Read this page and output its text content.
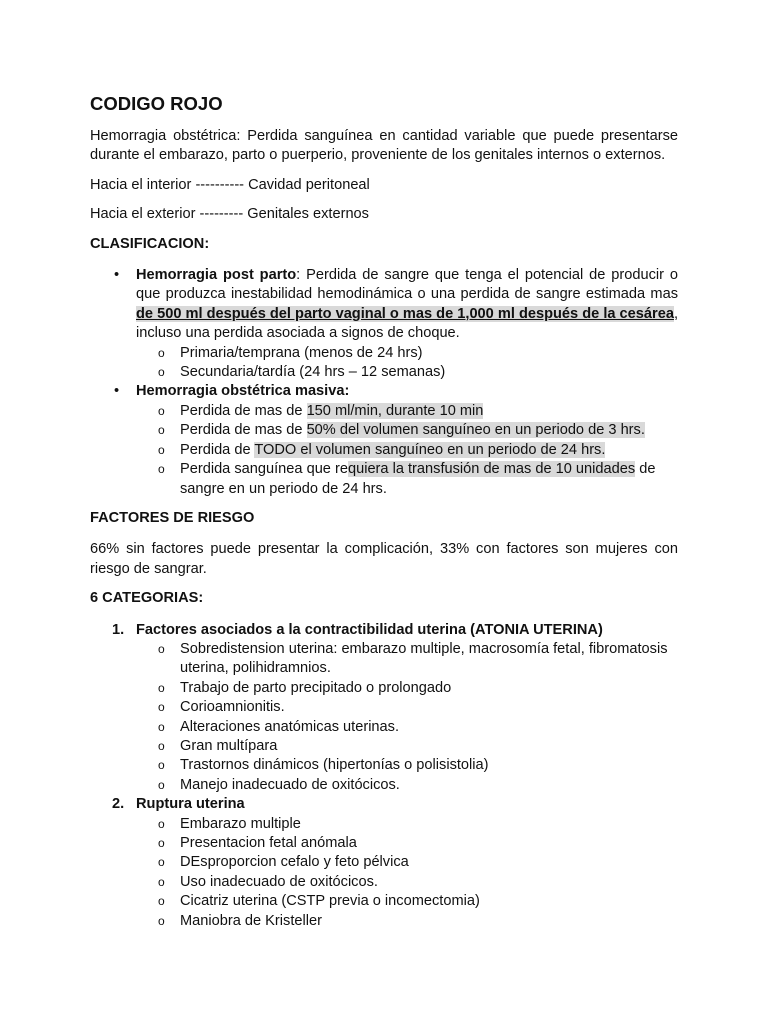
CODIGO ROJO

Hemorragia obstétrica: Perdida sanguínea en cantidad variable que puede presentarse durante el embarazo, parto o puerperio, proveniente de los genitales internos o externos.

Hacia el interior ---------- Cavidad peritoneal

Hacia el exterior --------- Genitales externos

CLASIFICACION:
• Hemorragia post parto: Perdida de sangre que tenga el potencial de producir o que produzca inestabilidad hemodinámica o una perdida de sangre estimada mas de 500 ml después del parto vaginal o mas de 1,000 ml después de la cesárea, incluso una perdida asociada a signos de choque.
o Primaria/temprana (menos de 24 hrs)
o Secundaria/tardía (24 hrs – 12 semanas)
• Hemorragia obstétrica masiva:
o Perdida de mas de 150 ml/min, durante 10 min
o Perdida de mas de 50% del volumen sanguíneo en un periodo de 3 hrs.
o Perdida de TODO el volumen sanguíneo en un periodo de 24 hrs.
o Perdida sanguínea que requiera la transfusión de mas de 10 unidades de sangre en un periodo de 24 hrs.
FACTORES DE RIESGO

66% sin factores puede presentar la complicación, 33% con factores son mujeres con riesgo de sangrar.

6 CATEGORIAS:
1. Factores asociados a la contractibilidad uterina (ATONIA UTERINA)
o Sobredistension uterina: embarazo multiple, macrosomía fetal, fibromatosis uterina, polihidramnios.
o Trabajo de parto precipitado o prolongado
o Corioamnionitis.
o Alteraciones anatómicas uterinas.
o Gran multípara
o Trastornos dinámicos (hipertonías o polisistolia)
o Manejo inadecuado de oxitócicos.
2. Ruptura uterina
o Embarazo multiple
o Presentacion fetal anómala
o DEsproporcion cefalo y feto pélvica
o Uso inadecuado de oxitócicos.
o Cicatriz uterina (CSTP previa o incomectomia)
o Maniobra de Kristeller
